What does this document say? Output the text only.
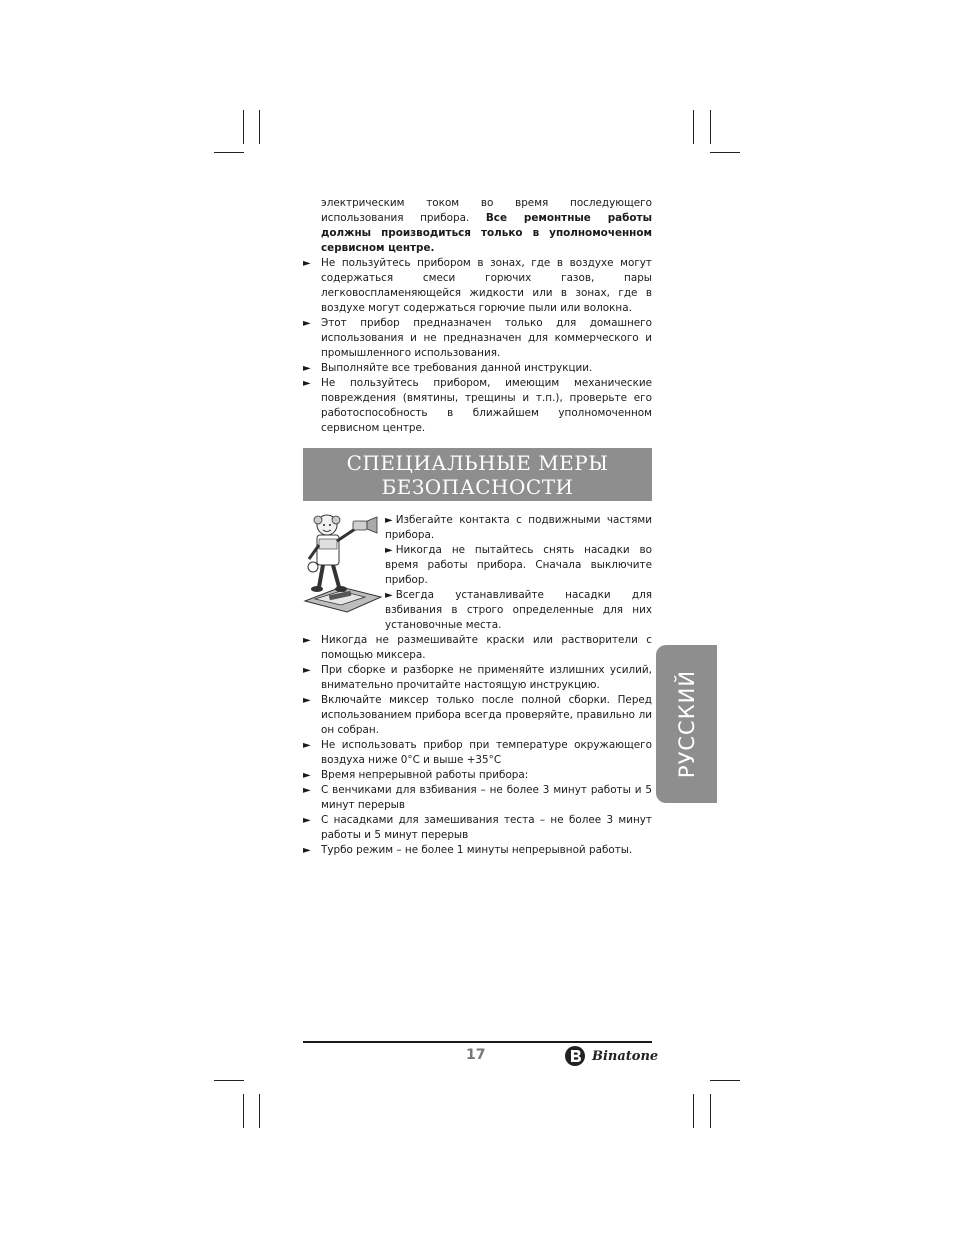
электрическим током во время последующего использования прибора. Все ремонтные работы должны производиться только в уполномоченном сервисном центре.

► Не пользуйтесь прибором в зонах, где в воздухе могут содержаться смеси горючих газов, пары легковоспламеняющейся жидкости или в зонах, где в воздухе могут содержаться горючие пыли или волокна.

► Этот прибор предназначен только для домашнего использования и не предназначен для коммерческого и промышленного использования.

► Выполняйте все требования данной инструкции.

► Не пользуйтесь прибором, имеющим механические повреждения (вмятины, трещины и т.п.), проверьте его работоспособность в ближайшем уполномоченном сервисном центре.

СПЕЦИАЛЬНЫЕ МЕРЫ
БЕЗОПАСНОСТИ

► Избегайте контакта с подвижными частями прибора.

► Никогда не пытайтесь снять насадки во время работы прибора. Сначала выключите прибор.

► Всегда устанавливайте насадки для взбивания в строго определенные для них установочные места.

► Никогда не размешивайте краски или растворители с помощью миксера.

► При сборке и разборке не применяйте излишних усилий, внимательно прочитайте настоящую инструкцию.

► Включайте миксер только после полной сборки. Перед использованием прибора всегда проверяйте, правильно ли он собран.

► Не использовать прибор при температуре окружающего воздуха ниже 0°С и выше +35°С

► Время непрерывной работы прибора:

► С венчиками для взбивания – не более 3 минут работы и 5 минут перерыв

► С насадками для замешивания теста – не более 3 минут работы и 5 минут перерыв

► Турбо режим – не более 1 минуты непрерывной работы.

РУССКИЙ
17	Binatone
